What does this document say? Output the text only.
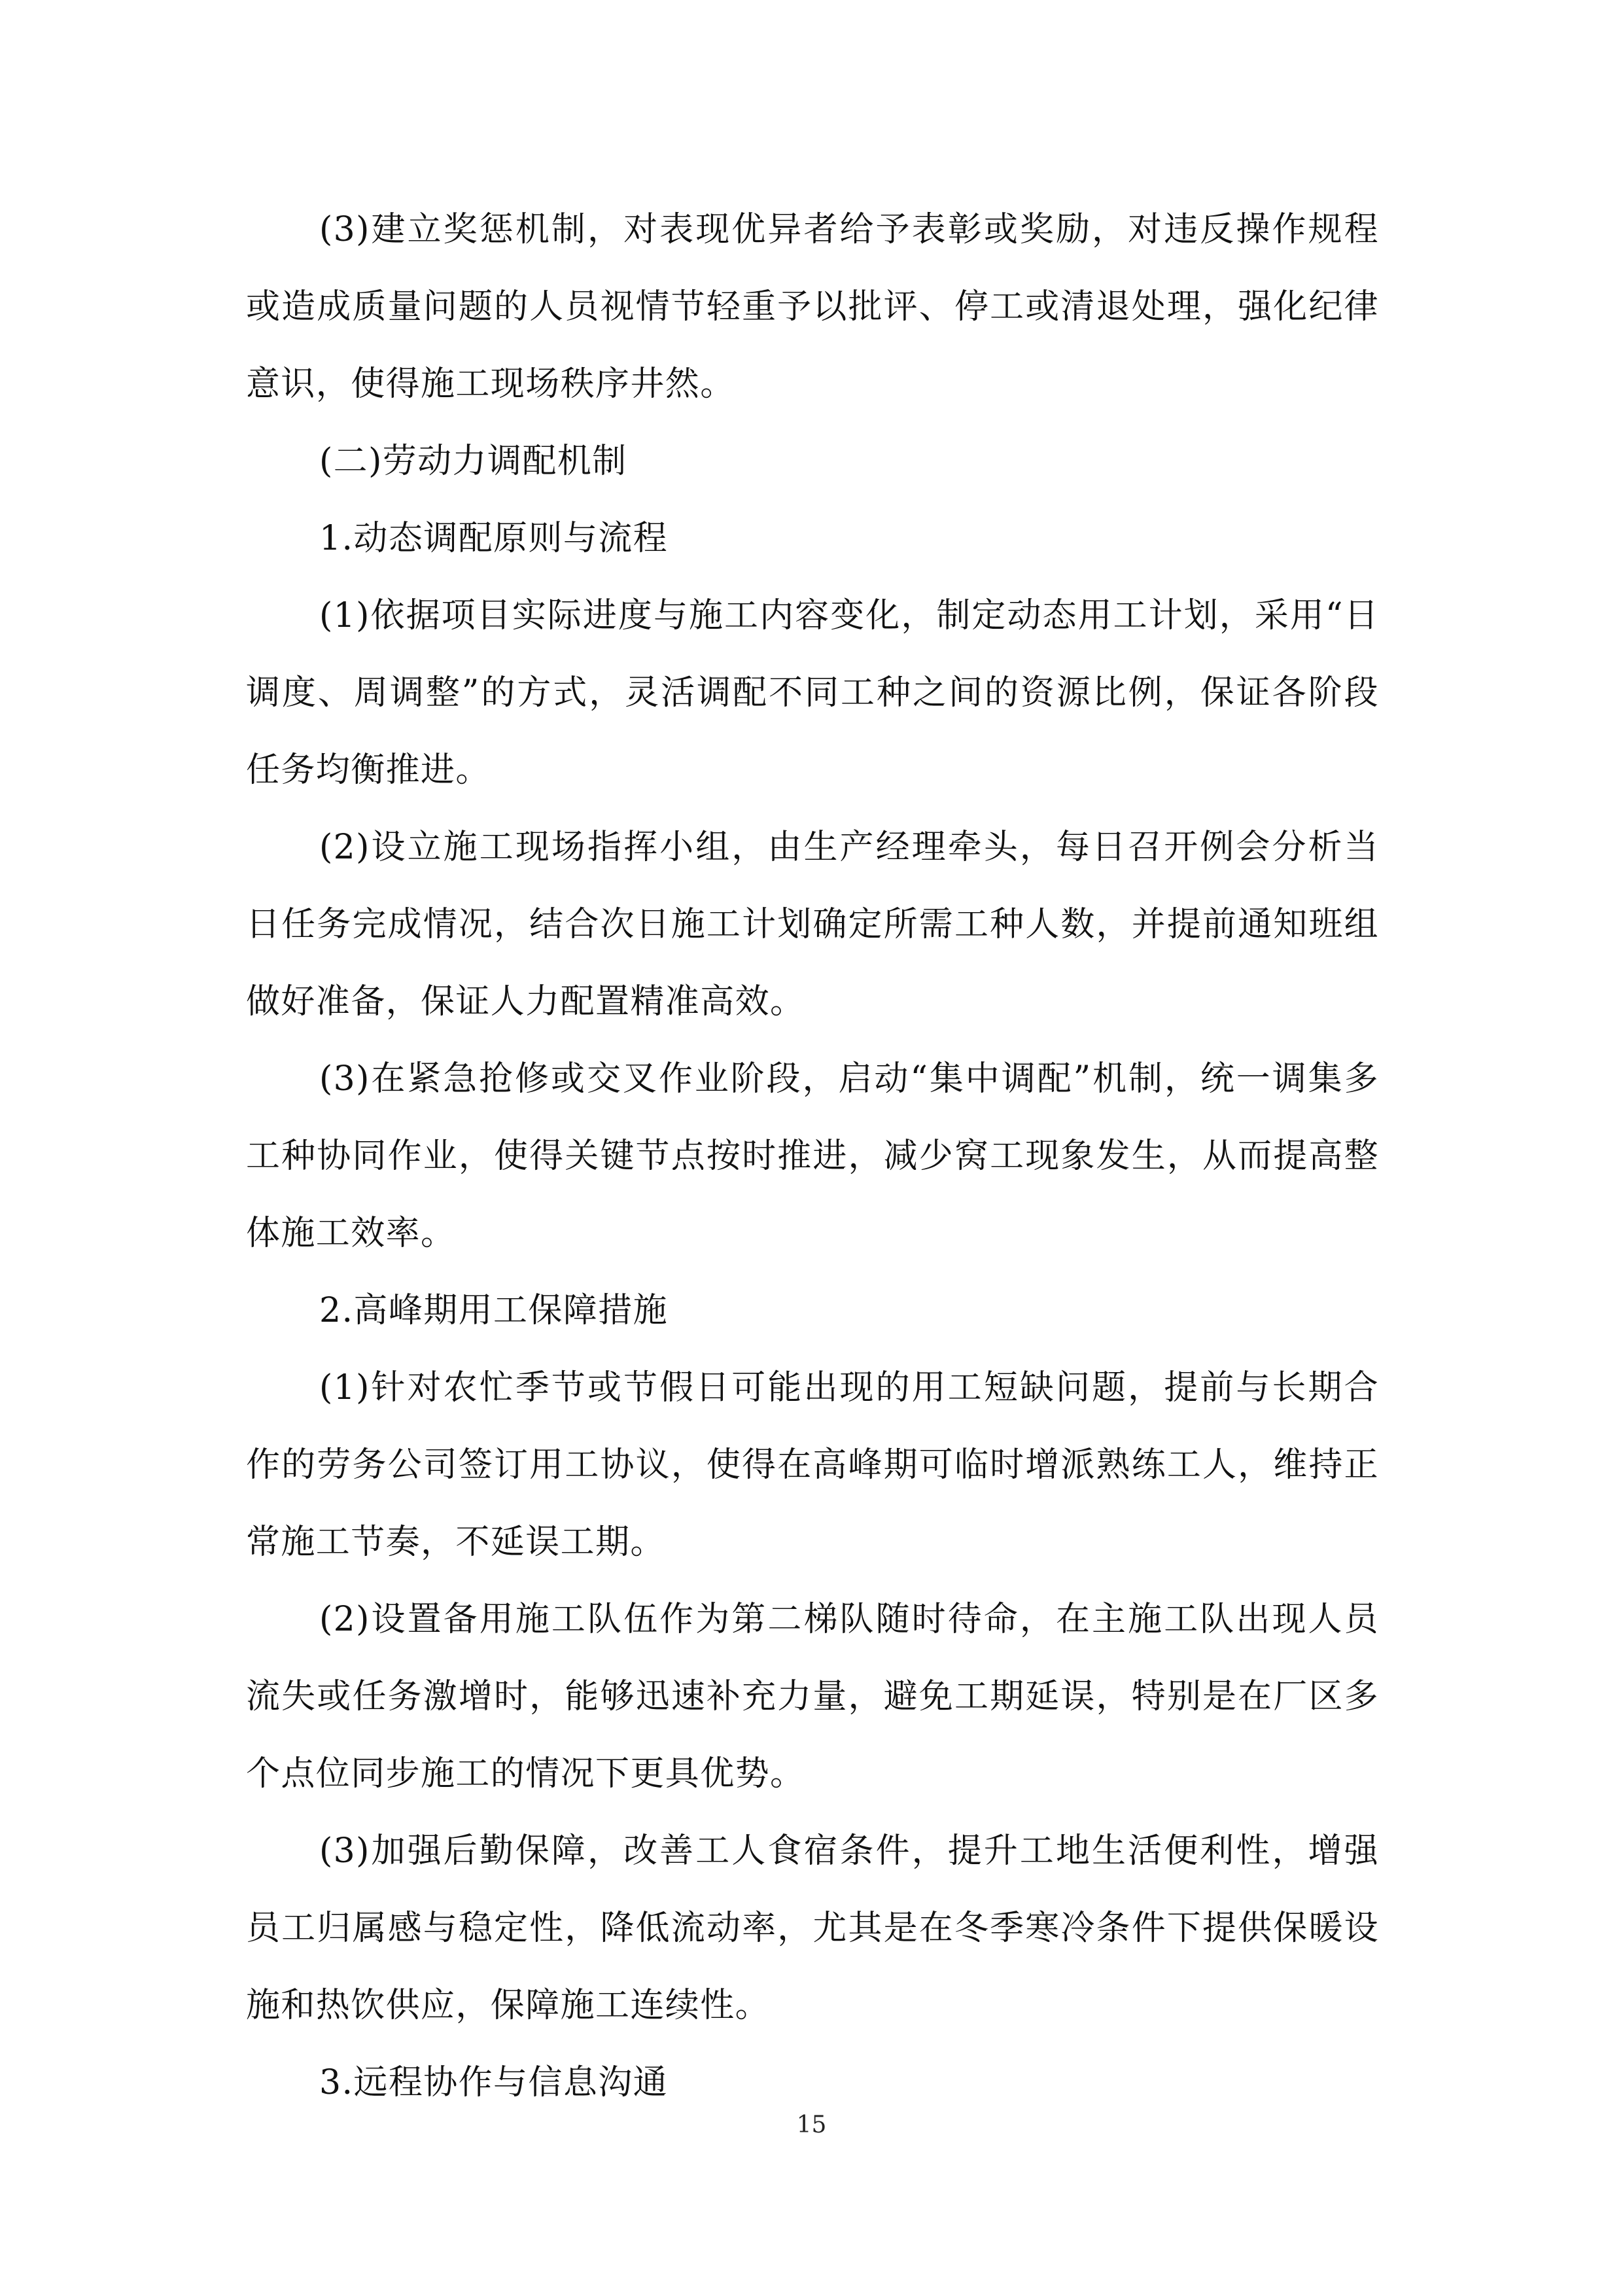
(3)建立奖惩机制，对表现优异者给予表彰或奖励，对违反操作规程或造成质量问题的人员视情节轻重予以批评、停工或清退处理，强化纪律意识，使得施工现场秩序井然。

(二)劳动力调配机制

1.动态调配原则与流程

(1)依据项目实际进度与施工内容变化，制定动态用工计划，采用“日调度、周调整”的方式，灵活调配不同工种之间的资源比例，保证各阶段任务均衡推进。

(2)设立施工现场指挥小组，由生产经理牵头，每日召开例会分析当日任务完成情况，结合次日施工计划确定所需工种人数，并提前通知班组做好准备，保证人力配置精准高效。

(3)在紧急抢修或交叉作业阶段，启动“集中调配”机制，统一调集多工种协同作业，使得关键节点按时推进，减少窝工现象发生，从而提高整体施工效率。

2.高峰期用工保障措施

(1)针对农忙季节或节假日可能出现的用工短缺问题，提前与长期合作的劳务公司签订用工协议，使得在高峰期可临时增派熟练工人，维持正常施工节奏，不延误工期。

(2)设置备用施工队伍作为第二梯队随时待命，在主施工队出现人员流失或任务激增时，能够迅速补充力量，避免工期延误，特别是在厂区多个点位同步施工的情况下更具优势。

(3)加强后勤保障，改善工人食宿条件，提升工地生活便利性，增强员工归属感与稳定性，降低流动率，尤其是在冬季寒冷条件下提供保暖设施和热饮供应，保障施工连续性。

3.远程协作与信息沟通

15
